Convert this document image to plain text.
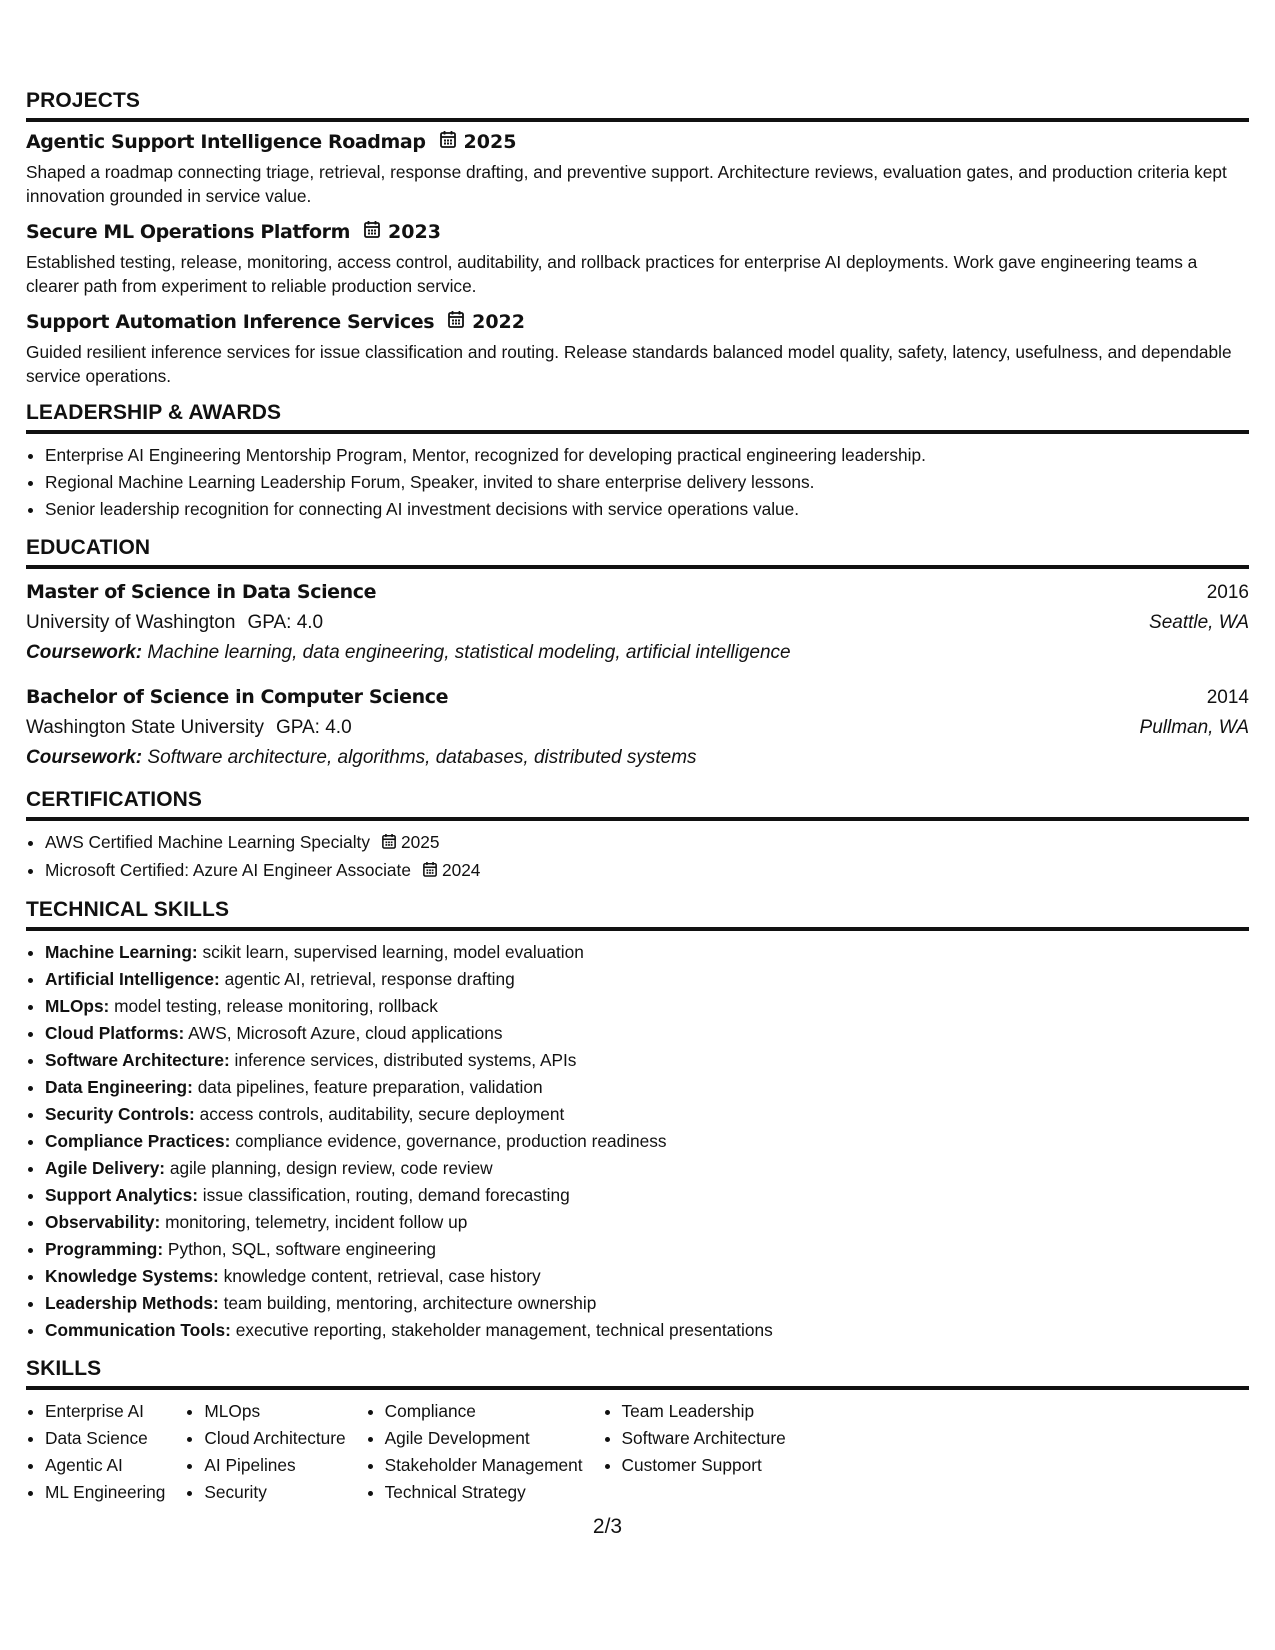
PROJECTS
Agentic Support Intelligence Roadmap 2025
Shaped a roadmap connecting triage, retrieval, response drafting, and preventive support. Architecture reviews, evaluation gates, and production criteria kept innovation grounded in service value.
Secure ML Operations Platform 2023
Established testing, release, monitoring, access control, auditability, and rollback practices for enterprise AI deployments. Work gave engineering teams a clearer path from experiment to reliable production service.
Support Automation Inference Services 2022
Guided resilient inference services for issue classification and routing. Release standards balanced model quality, safety, latency, usefulness, and dependable service operations.
LEADERSHIP & AWARDS
• Enterprise AI Engineering Mentorship Program, Mentor, recognized for developing practical engineering leadership.
• Regional Machine Learning Leadership Forum, Speaker, invited to share enterprise delivery lessons.
• Senior leadership recognition for connecting AI investment decisions with service operations value.
EDUCATION
Master of Science in Data Science	2016
University of Washington GPA: 4.0	Seattle, WA
Coursework: Machine learning, data engineering, statistical modeling, artificial intelligence
Bachelor of Science in Computer Science	2014
Washington State University GPA: 4.0	Pullman, WA
Coursework: Software architecture, algorithms, databases, distributed systems
CERTIFICATIONS
• AWS Certified Machine Learning Specialty 2025
• Microsoft Certified: Azure AI Engineer Associate 2024
TECHNICAL SKILLS
• Machine Learning: scikit learn, supervised learning, model evaluation
• Artificial Intelligence: agentic AI, retrieval, response drafting
• MLOps: model testing, release monitoring, rollback
• Cloud Platforms: AWS, Microsoft Azure, cloud applications
• Software Architecture: inference services, distributed systems, APIs
• Data Engineering: data pipelines, feature preparation, validation
• Security Controls: access controls, auditability, secure deployment
• Compliance Practices: compliance evidence, governance, production readiness
• Agile Delivery: agile planning, design review, code review
• Support Analytics: issue classification, routing, demand forecasting
• Observability: monitoring, telemetry, incident follow up
• Programming: Python, SQL, software engineering
• Knowledge Systems: knowledge content, retrieval, case history
• Leadership Methods: team building, mentoring, architecture ownership
• Communication Tools: executive reporting, stakeholder management, technical presentations
SKILLS
• Enterprise AI
• Data Science
• Agentic AI
• ML Engineering
• MLOps
• Cloud Architecture
• AI Pipelines
• Security
• Compliance
• Agile Development
• Stakeholder Management
• Technical Strategy
• Team Leadership
• Software Architecture
• Customer Support
2/3
